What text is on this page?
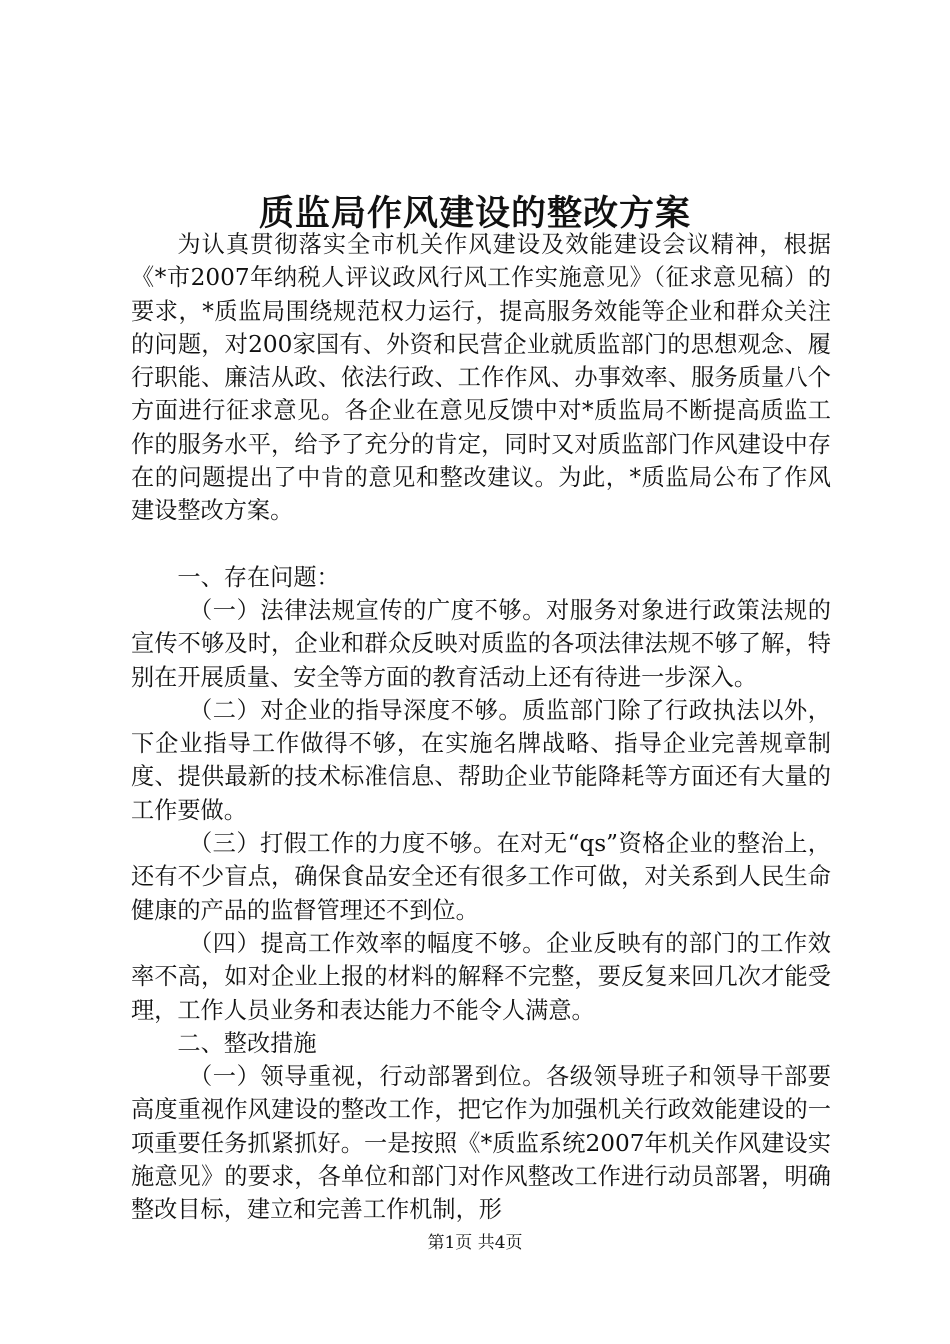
质监局作风建设的整改方案

为认真贯彻落实全市机关作风建设及效能建设会议精神，根据《*市2007年纳税人评议政风行风工作实施意见》（征求意见稿）的要求，*质监局围绕规范权力运行，提高服务效能等企业和群众关注的问题，对200家国有、外资和民营企业就质监部门的思想观念、履行职能、廉洁从政、依法行政、工作作风、办事效率、服务质量八个方面进行征求意见。各企业在意见反馈中对*质监局不断提高质监工作的服务水平，给予了充分的肯定，同时又对质监部门作风建设中存在的问题提出了中肯的意见和整改建议。为此，*质监局公布了作风建设整改方案。

一、存在问题：

（一）法律法规宣传的广度不够。对服务对象进行政策法规的宣传不够及时，企业和群众反映对质监的各项法律法规不够了解，特别在开展质量、安全等方面的教育活动上还有待进一步深入。

（二）对企业的指导深度不够。质监部门除了行政执法以外，下企业指导工作做得不够，在实施名牌战略、指导企业完善规章制度、提供最新的技术标准信息、帮助企业节能降耗等方面还有大量的工作要做。

（三）打假工作的力度不够。在对无“qs”资格企业的整治上，还有不少盲点，确保食品安全还有很多工作可做，对关系到人民生命健康的产品的监督管理还不到位。

（四）提高工作效率的幅度不够。企业反映有的部门的工作效率不高，如对企业上报的材料的解释不完整，要反复来回几次才能受理，工作人员业务和表达能力不能令人满意。

二、整改措施

（一）领导重视，行动部署到位。各级领导班子和领导干部要高度重视作风建设的整改工作，把它作为加强机关行政效能建设的一项重要任务抓紧抓好。一是按照《*质监系统2007年机关作风建设实施意见》的要求，各单位和部门对作风整改工作进行动员部署，明确整改目标，建立和完善工作机制，形

第1页 共4页
